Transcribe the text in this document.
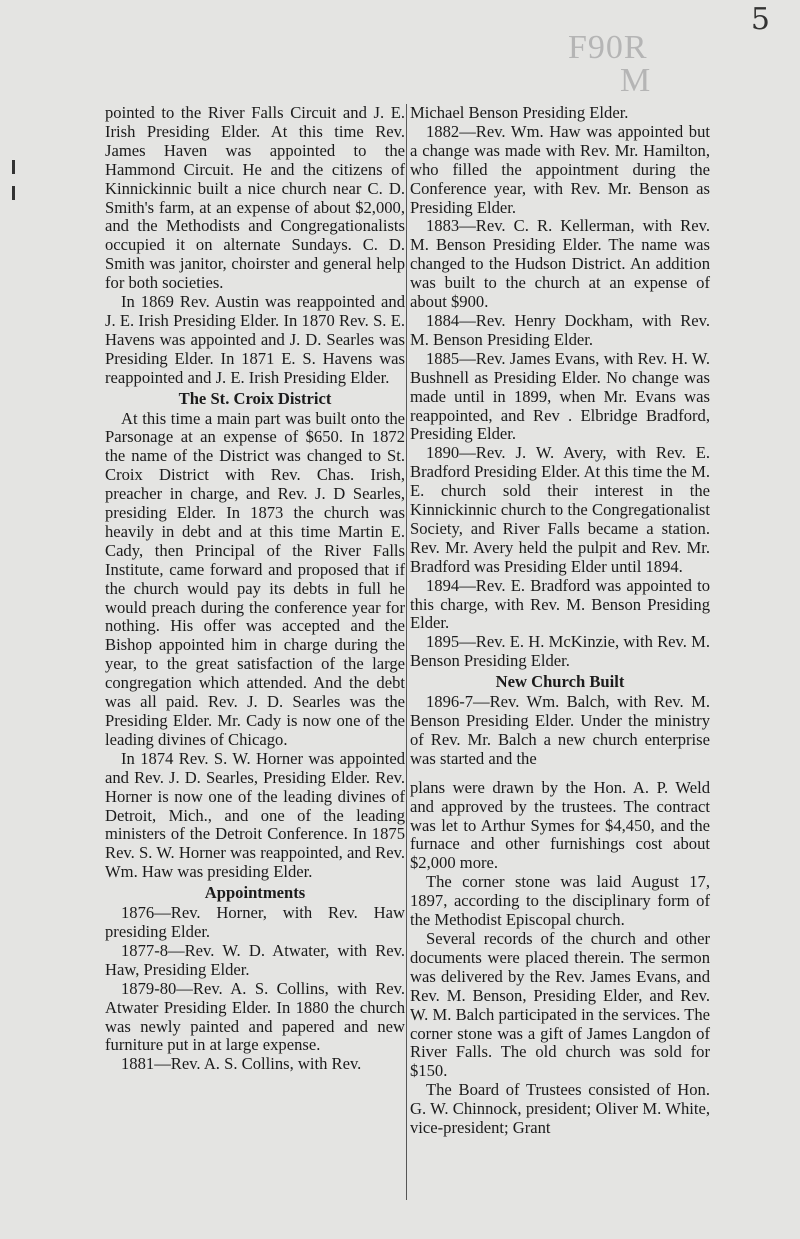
5
F90R
M

pointed to the River Falls Circuit and J. E. Irish Presiding Elder. At this time Rev. James Haven was appointed to the Hammond Circuit. He and the citizens of Kinnickinnic built a nice church near C. D. Smith's farm, at an expense of about $2,000, and the Methodists and Congregationalists occupied it on alternate Sundays. C. D. Smith was janitor, choirster and general help for both societies.

In 1869 Rev. Austin was reappointed and J. E. Irish Presiding Elder. In 1870 Rev. S. E. Havens was appointed and J. D. Searles was Presiding Elder. In 1871 E. S. Havens was reappointed and J. E. Irish Presiding Elder.

The St. Croix District

At this time a main part was built onto the Parsonage at an expense of $650. In 1872 the name of the District was changed to St. Croix District with Rev. Chas. Irish, preacher in charge, and Rev. J. D Searles, presiding Elder. In 1873 the church was heavily in debt and at this time Martin E. Cady, then Principal of the River Falls Institute, came forward and proposed that if the church would pay its debts in full he would preach during the conference year for nothing. His offer was accepted and the Bishop appointed him in charge during the year, to the great satisfaction of the large congregation which attended. And the debt was all paid. Rev. J. D. Searles was the Presiding Elder. Mr. Cady is now one of the leading divines of Chicago.

In 1874 Rev. S. W. Horner was appointed and Rev. J. D. Searles, Presiding Elder. Rev. Horner is now one of the leading divines of Detroit, Mich., and one of the leading ministers of the Detroit Conference. In 1875 Rev. S. W. Horner was reappointed, and Rev. Wm. Haw was presiding Elder.

Appointments

1876—Rev. Horner, with Rev. Haw presiding Elder.

1877-8—Rev. W. D. Atwater, with Rev. Haw, Presiding Elder.

1879-80—Rev. A. S. Collins, with Rev. Atwater Presiding Elder. In 1880 the church was newly painted and papered and new furniture put in at large expense.

1881—Rev. A. S. Collins, with Rev.

Michael Benson Presiding Elder.

1882—Rev. Wm. Haw was appointed but a change was made with Rev. Mr. Hamilton, who filled the appointment during the Conference year, with Rev. Mr. Benson as Presiding Elder.

1883—Rev. C. R. Kellerman, with Rev. M. Benson Presiding Elder. The name was changed to the Hudson District. An addition was built to the church at an expense of about $900.

1884—Rev. Henry Dockham, with Rev. M. Benson Presiding Elder.

1885—Rev. James Evans, with Rev. H. W. Bushnell as Presiding Elder. No change was made until in 1899, when Mr. Evans was reappointed, and Rev . Elbridge Bradford, Presiding Elder.

1890—Rev. J. W. Avery, with Rev. E. Bradford Presiding Elder. At this time the M. E. church sold their interest in the Kinnickinnic church to the Congregationalist Society, and River Falls became a station. Rev. Mr. Avery held the pulpit and Rev. Mr. Bradford was Presiding Elder until 1894.

1894—Rev. E. Bradford was appointed to this charge, with Rev. M. Benson Presiding Elder.

1895—Rev. E. H. McKinzie, with Rev. M. Benson Presiding Elder.

New Church Built

1896-7—Rev. Wm. Balch, with Rev. M. Benson Presiding Elder. Under the ministry of Rev. Mr. Balch a new church enterprise was started and the

plans were drawn by the Hon. A. P. Weld and approved by the trustees. The contract was let to Arthur Symes for $4,450, and the furnace and other furnishings cost about $2,000 more.

The corner stone was laid August 17, 1897, according to the disciplinary form of the Methodist Episcopal church.

Several records of the church and other documents were placed therein. The sermon was delivered by the Rev. James Evans, and Rev. M. Benson, Presiding Elder, and Rev. W. M. Balch participated in the services. The corner stone was a gift of James Langdon of River Falls. The old church was sold for $150.

The Board of Trustees consisted of Hon. G. W. Chinnock, president; Oliver M. White, vice-president; Grant
